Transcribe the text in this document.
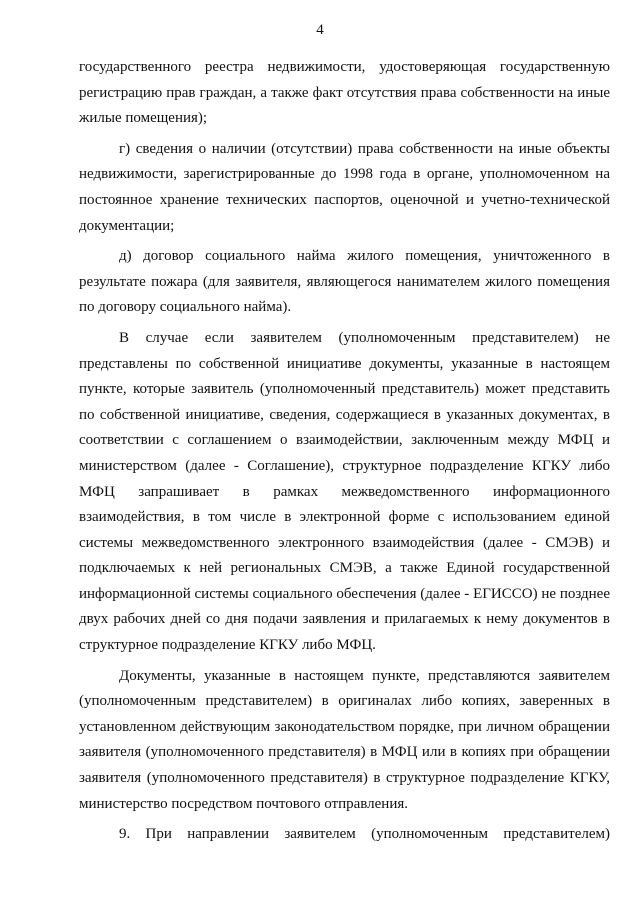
4

государственного реестра недвижимости, удостоверяющая государственную регистрацию прав граждан, а также факт отсутствия права собственности на иные жилые помещения);

г) сведения о наличии (отсутствии) права собственности на иные объекты недвижимости, зарегистрированные до 1998 года в органе, уполномоченном на постоянное хранение технических паспортов, оценочной и учетно-технической документации;

д) договор социального найма жилого помещения, уничтоженного в результате пожара (для заявителя, являющегося нанимателем жилого помещения по договору социального найма).

В случае если заявителем (уполномоченным представителем) не представлены по собственной инициативе документы, указанные в настоящем пункте, которые заявитель (уполномоченный представитель) может представить по собственной инициативе, сведения, содержащиеся в указанных документах, в соответствии с соглашением о взаимодействии, заключенным между МФЦ и министерством (далее - Соглашение), структурное подразделение КГКУ либо МФЦ запрашивает в рамках межведомственного информационного взаимодействия, в том числе в электронной форме с использованием единой системы межведомственного электронного взаимодействия (далее - СМЭВ) и подключаемых к ней региональных СМЭВ, а также Единой государственной информационной системы социального обеспечения (далее - ЕГИССО) не позднее двух рабочих дней со дня подачи заявления и прилагаемых к нему документов в структурное подразделение КГКУ либо МФЦ.

Документы, указанные в настоящем пункте, представляются заявителем (уполномоченным представителем) в оригиналах либо копиях, заверенных в установленном действующим законодательством порядке, при личном обращении заявителя (уполномоченного представителя) в МФЦ или в копиях при обращении заявителя (уполномоченного представителя) в структурное подразделение КГКУ, министерство посредством почтового отправления.

9. При направлении заявителем (уполномоченным представителем)
